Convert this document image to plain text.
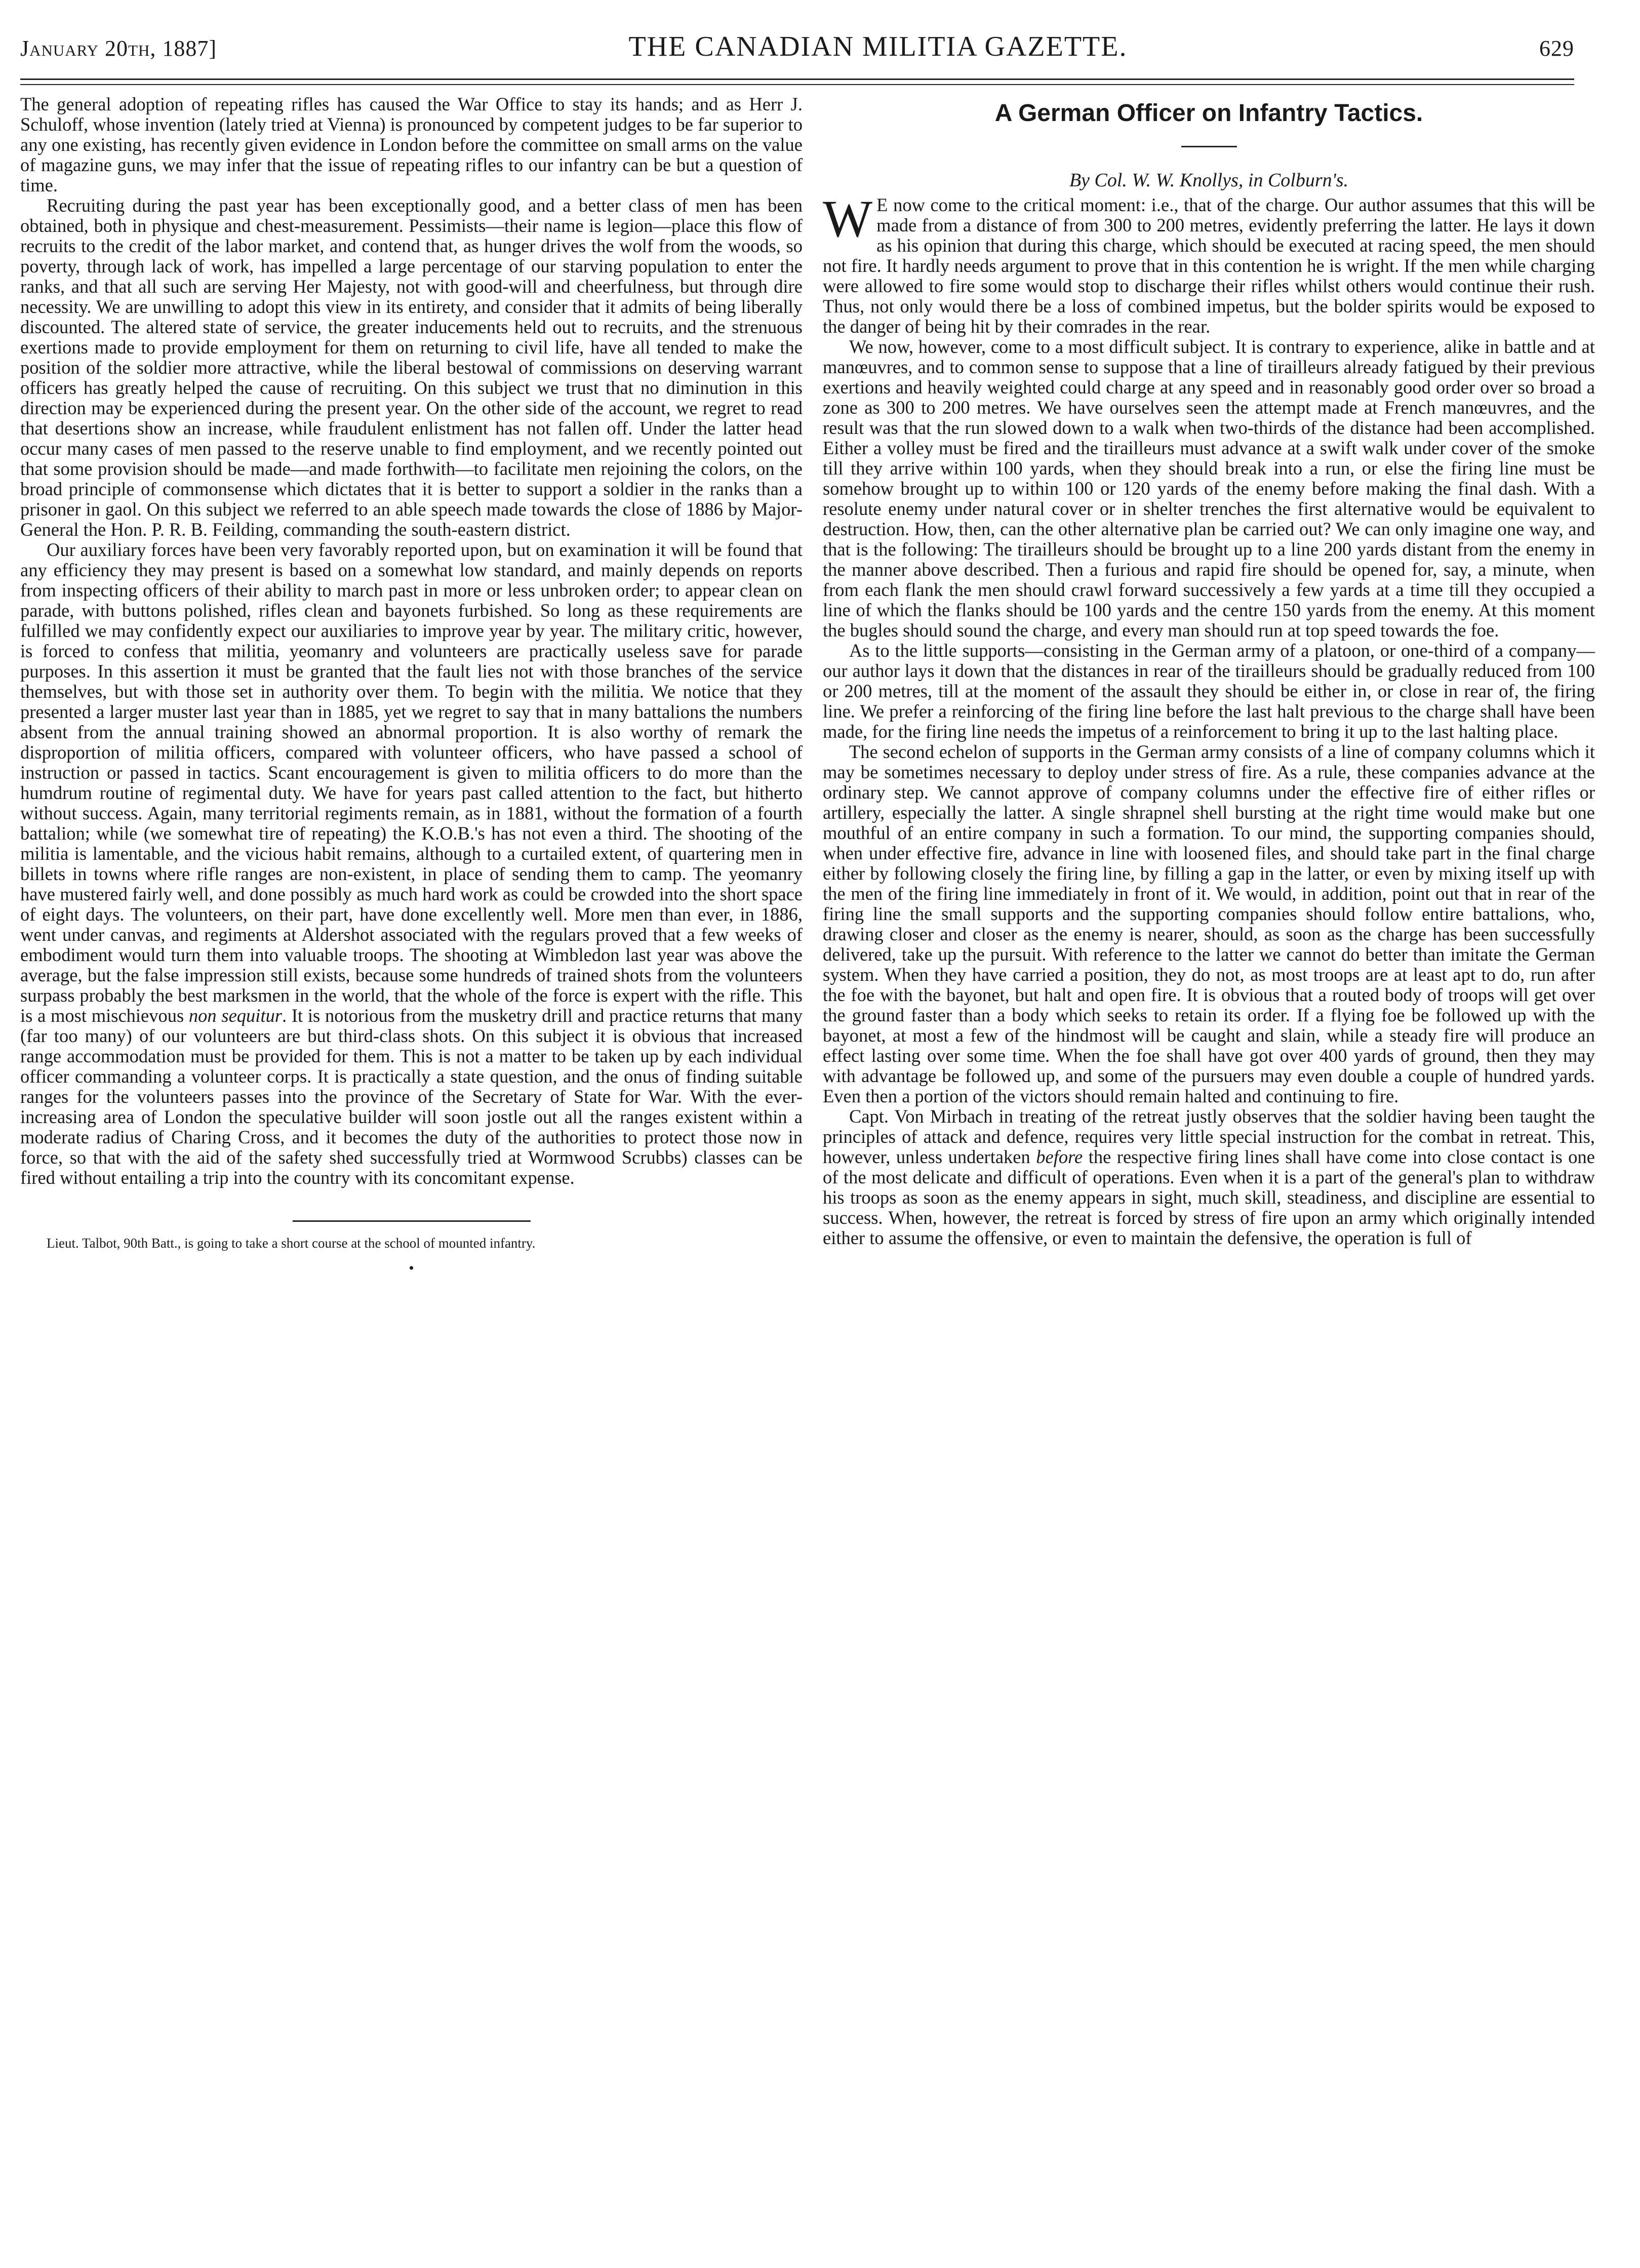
January 20th, 1887]	THE CANADIAN MILITIA GAZETTE.	629

The general adoption of repeating rifles has caused the War Office to stay its hands; and as Herr J. Schuloff, whose invention (lately tried at Vienna) is pronounced by competent judges to be far superior to any one existing, has recently given evidence in London before the committee on small arms on the value of magazine guns, we may infer that the issue of repeating rifles to our infantry can be but a question of time.

Recruiting during the past year has been exceptionally good, and a better class of men has been obtained, both in physique and chest-measurement. Pessimists—their name is legion—place this flow of recruits to the credit of the labor market, and contend that, as hunger drives the wolf from the woods, so poverty, through lack of work, has impelled a large percentage of our starving population to enter the ranks, and that all such are serving Her Majesty, not with good-will and cheerfulness, but through dire necessity. We are unwilling to adopt this view in its entirety, and consider that it admits of being liberally discounted. The altered state of service, the greater inducements held out to recruits, and the strenuous exertions made to provide employment for them on returning to civil life, have all tended to make the position of the soldier more attractive, while the liberal bestowal of commissions on deserving warrant officers has greatly helped the cause of recruiting. On this subject we trust that no diminution in this direction may be experienced during the present year. On the other side of the account, we regret to read that desertions show an increase, while fraudulent enlistment has not fallen off. Under the latter head occur many cases of men passed to the reserve unable to find employment, and we recently pointed out that some provision should be made—and made forthwith—to facilitate men rejoining the colors, on the broad principle of commonsense which dictates that it is better to support a soldier in the ranks than a prisoner in gaol. On this subject we referred to an able speech made towards the close of 1886 by Major-General the Hon. P. R. B. Feilding, commanding the south-eastern district.

Our auxiliary forces have been very favorably reported upon, but on examination it will be found that any efficiency they may present is based on a somewhat low standard, and mainly depends on reports from inspecting officers of their ability to march past in more or less unbroken order; to appear clean on parade, with buttons polished, rifles clean and bayonets furbished. So long as these requirements are fulfilled we may confidently expect our auxiliaries to improve year by year. The military critic, however, is forced to confess that militia, yeomanry and volunteers are practically useless save for parade purposes. In this assertion it must be granted that the fault lies not with those branches of the service themselves, but with those set in authority over them. To begin with the militia. We notice that they presented a larger muster last year than in 1885, yet we regret to say that in many battalions the numbers absent from the annual training showed an abnormal proportion. It is also worthy of remark the disproportion of militia officers, compared with volunteer officers, who have passed a school of instruction or passed in tactics. Scant encouragement is given to militia officers to do more than the humdrum routine of regimental duty. We have for years past called attention to the fact, but hitherto without success. Again, many territorial regiments remain, as in 1881, without the formation of a fourth battalion; while (we somewhat tire of repeating) the K.O.B.'s has not even a third. The shooting of the militia is lamentable, and the vicious habit remains, although to a curtailed extent, of quartering men in billets in towns where rifle ranges are non-existent, in place of sending them to camp. The yeomanry have mustered fairly well, and done possibly as much hard work as could be crowded into the short space of eight days. The volunteers, on their part, have done excellently well. More men than ever, in 1886, went under canvas, and regiments at Aldershot associated with the regulars proved that a few weeks of embodiment would turn them into valuable troops. The shooting at Wimbledon last year was above the average, but the false impression still exists, because some hundreds of trained shots from the volunteers surpass probably the best marksmen in the world, that the whole of the force is expert with the rifle. This is a most mischievous non sequitur. It is notorious from the musketry drill and practice returns that many (far too many) of our volunteers are but third-class shots. On this subject it is obvious that increased range accommodation must be provided for them. This is not a matter to be taken up by each individual officer commanding a volunteer corps. It is practically a state question, and the onus of finding suitable ranges for the volunteers passes into the province of the Secretary of State for War. With the ever-increasing area of London the speculative builder will soon jostle out all the ranges existent within a moderate radius of Charing Cross, and it becomes the duty of the authorities to protect those now in force, so that with the aid of the safety shed successfully tried at Wormwood Scrubbs) classes can be fired without entailing a trip into the country with its concomitant expense.

Lieut. Talbot, 90th Batt., is going to take a short course at the school of mounted infantry.
•
A German Officer on Infantry Tactics.
By Col. W. W. Knollys, in Colburn's.

W E now come to the critical moment: i.e., that of the charge. Our author assumes that this will be made from a distance of from 300 to 200 metres, evidently preferring the latter. He lays it down as his opinion that during this charge, which should be executed at racing speed, the men should not fire. It hardly needs argument to prove that in this contention he is wright. If the men while charging were allowed to fire some would stop to discharge their rifles whilst others would continue their rush. Thus, not only would there be a loss of combined impetus, but the bolder spirits would be exposed to the danger of being hit by their comrades in the rear.

We now, however, come to a most difficult subject. It is contrary to experience, alike in battle and at manœuvres, and to common sense to suppose that a line of tirailleurs already fatigued by their previous exertions and heavily weighted could charge at any speed and in reasonably good order over so broad a zone as 300 to 200 metres. We have ourselves seen the attempt made at French manœuvres, and the result was that the run slowed down to a walk when two-thirds of the distance had been accomplished. Either a volley must be fired and the tirailleurs must advance at a swift walk under cover of the smoke till they arrive within 100 yards, when they should break into a run, or else the firing line must be somehow brought up to within 100 or 120 yards of the enemy before making the final dash. With a resolute enemy under natural cover or in shelter trenches the first alternative would be equivalent to destruction. How, then, can the other alternative plan be carried out? We can only imagine one way, and that is the following: The tirailleurs should be brought up to a line 200 yards distant from the enemy in the manner above described. Then a furious and rapid fire should be opened for, say, a minute, when from each flank the men should crawl forward successively a few yards at a time till they occupied a line of which the flanks should be 100 yards and the centre 150 yards from the enemy. At this moment the bugles should sound the charge, and every man should run at top speed towards the foe.

As to the little supports—consisting in the German army of a platoon, or one-third of a company—our author lays it down that the distances in rear of the tirailleurs should be gradually reduced from 100 or 200 metres, till at the moment of the assault they should be either in, or close in rear of, the firing line. We prefer a reinforcing of the firing line before the last halt previous to the charge shall have been made, for the firing line needs the impetus of a reinforcement to bring it up to the last halting place.

The second echelon of supports in the German army consists of a line of company columns which it may be sometimes necessary to deploy under stress of fire. As a rule, these companies advance at the ordinary step. We cannot approve of company columns under the effective fire of either rifles or artillery, especially the latter. A single shrapnel shell bursting at the right time would make but one mouthful of an entire company in such a formation. To our mind, the supporting companies should, when under effective fire, advance in line with loosened files, and should take part in the final charge either by following closely the firing line, by filling a gap in the latter, or even by mixing itself up with the men of the firing line immediately in front of it. We would, in addition, point out that in rear of the firing line the small supports and the supporting companies should follow entire battalions, who, drawing closer and closer as the enemy is nearer, should, as soon as the charge has been successfully delivered, take up the pursuit. With reference to the latter we cannot do better than imitate the German system. When they have carried a position, they do not, as most troops are at least apt to do, run after the foe with the bayonet, but halt and open fire. It is obvious that a routed body of troops will get over the ground faster than a body which seeks to retain its order. If a flying foe be followed up with the bayonet, at most a few of the hindmost will be caught and slain, while a steady fire will produce an effect lasting over some time. When the foe shall have got over 400 yards of ground, then they may with advantage be followed up, and some of the pursuers may even double a couple of hundred yards. Even then a portion of the victors should remain halted and continuing to fire.

Capt. Von Mirbach in treating of the retreat justly observes that the soldier having been taught the principles of attack and defence, requires very little special instruction for the combat in retreat. This, however, unless undertaken before the respective firing lines shall have come into close contact is one of the most delicate and difficult of operations. Even when it is a part of the general's plan to withdraw his troops as soon as the enemy appears in sight, much skill, steadiness, and discipline are essential to success. When, however, the retreat is forced by stress of fire upon an army which originally intended either to assume the offensive, or even to maintain the defensive, the operation is full of
